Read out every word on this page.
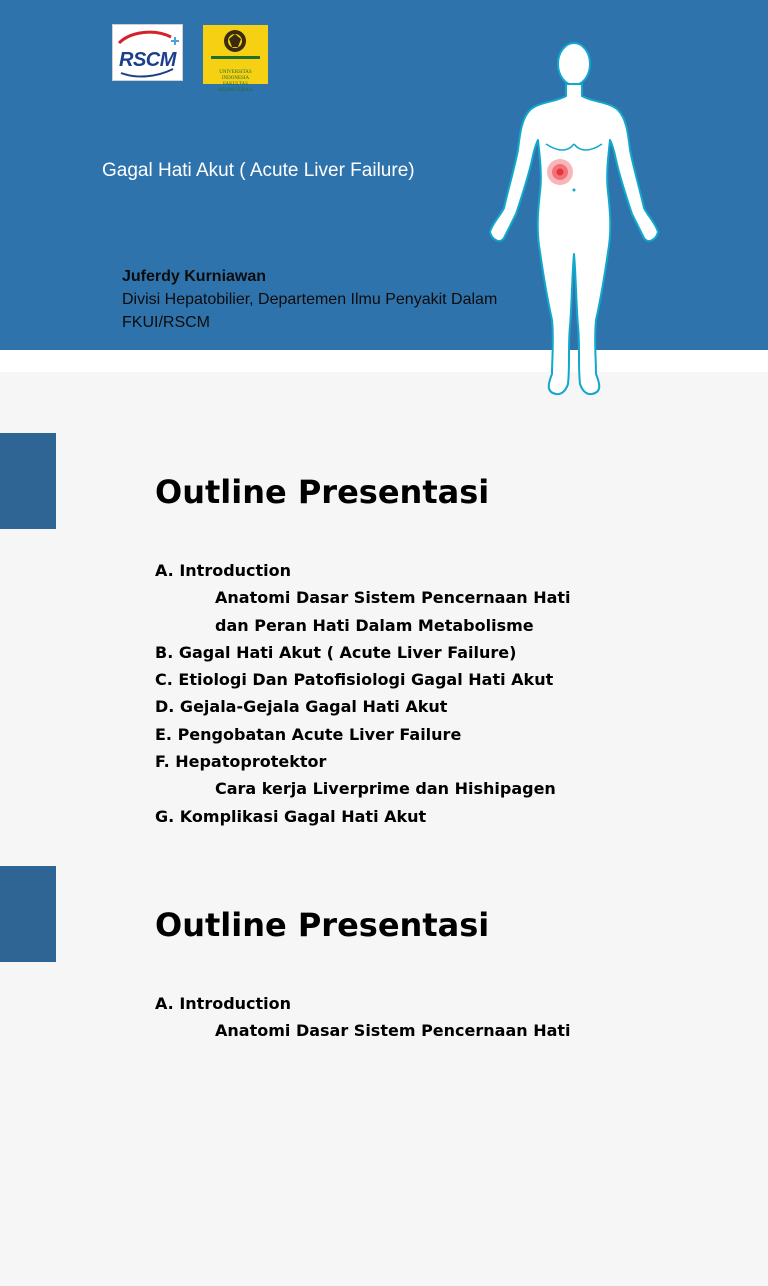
RSCM
UNIVERSITAS INDONESIA
FAKULTAS KEDOKTERAN
Gagal Hati Akut ( Acute Liver Failure)
Juferdy Kurniawan
Divisi Hepatobilier, Departemen Ilmu Penyakit Dalam
FKUI/RSCM
Outline Presentasi
A. Introduction
Anatomi Dasar Sistem Pencernaan Hati
dan Peran Hati Dalam Metabolisme
B. Gagal Hati Akut ( Acute Liver Failure)
C. Etiologi Dan Patofisiologi Gagal Hati Akut
D. Gejala-Gejala Gagal Hati Akut
E. Pengobatan Acute Liver Failure
F. Hepatoprotektor
Cara kerja Liverprime dan Hishipagen
G. Komplikasi Gagal Hati Akut
Outline Presentasi
A. Introduction
Anatomi Dasar Sistem Pencernaan Hati
